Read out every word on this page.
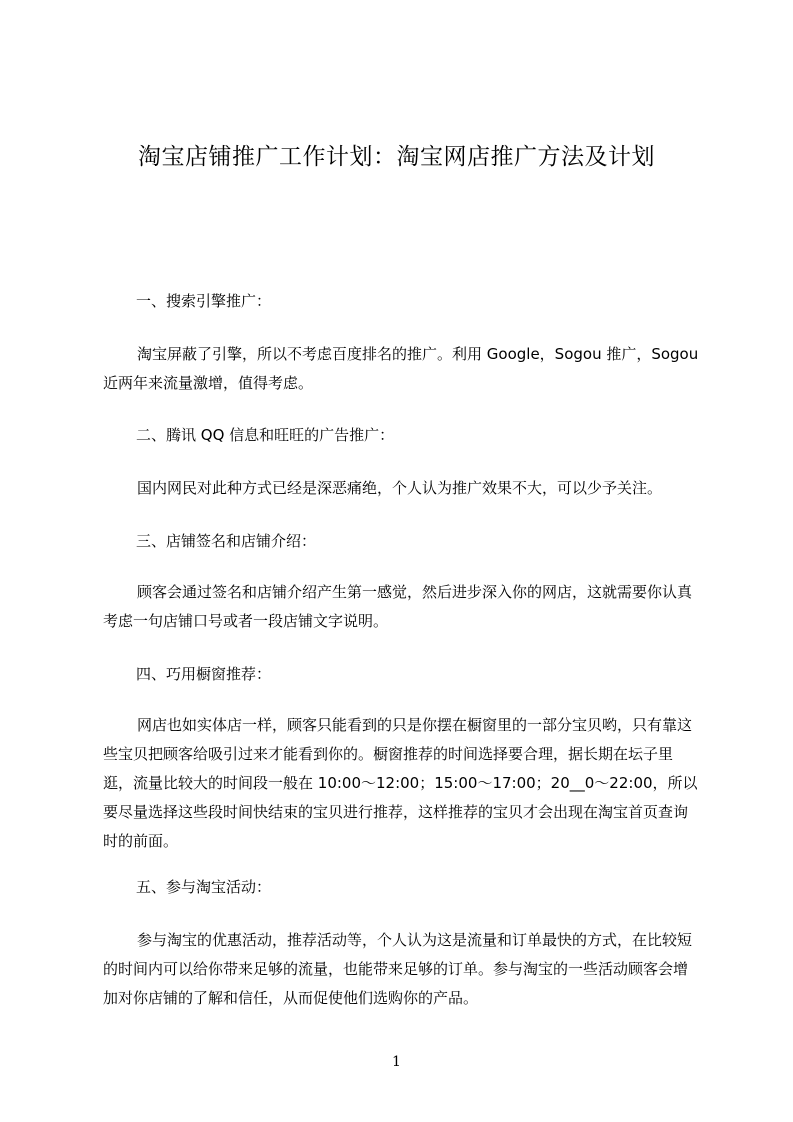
淘宝店铺推广工作计划：淘宝网店推广方法及计划
一、搜索引擎推广：
淘宝屏蔽了引擎，所以不考虑百度排名的推广。利用 Google，Sogou 推广，Sogou 近两年来流量激增，值得考虑。
二、腾讯 QQ 信息和旺旺的广告推广：
国内网民对此种方式已经是深恶痛绝，个人认为推广效果不大，可以少予关注。
三、店铺签名和店铺介绍：
顾客会通过签名和店铺介绍产生第一感觉，然后进步深入你的网店，这就需要你认真考虑一句店铺口号或者一段店铺文字说明。
四、巧用橱窗推荐：
网店也如实体店一样，顾客只能看到的只是你摆在橱窗里的一部分宝贝哟，只有靠这些宝贝把顾客给吸引过来才能看到你的。橱窗推荐的时间选择要合理，据长期在坛子里逛，流量比较大的时间段一般在 10:00～12:00；15:00～17:00；20__0～22:00，所以要尽量选择这些段时间快结束的宝贝进行推荐，这样推荐的宝贝才会出现在淘宝首页查询时的前面。
五、参与淘宝活动：
参与淘宝的优惠活动，推荐活动等，个人认为这是流量和订单最快的方式，在比较短的时间内可以给你带来足够的流量，也能带来足够的订单。参与淘宝的一些活动顾客会增加对你店铺的了解和信任，从而促使他们选购你的产品。
1
